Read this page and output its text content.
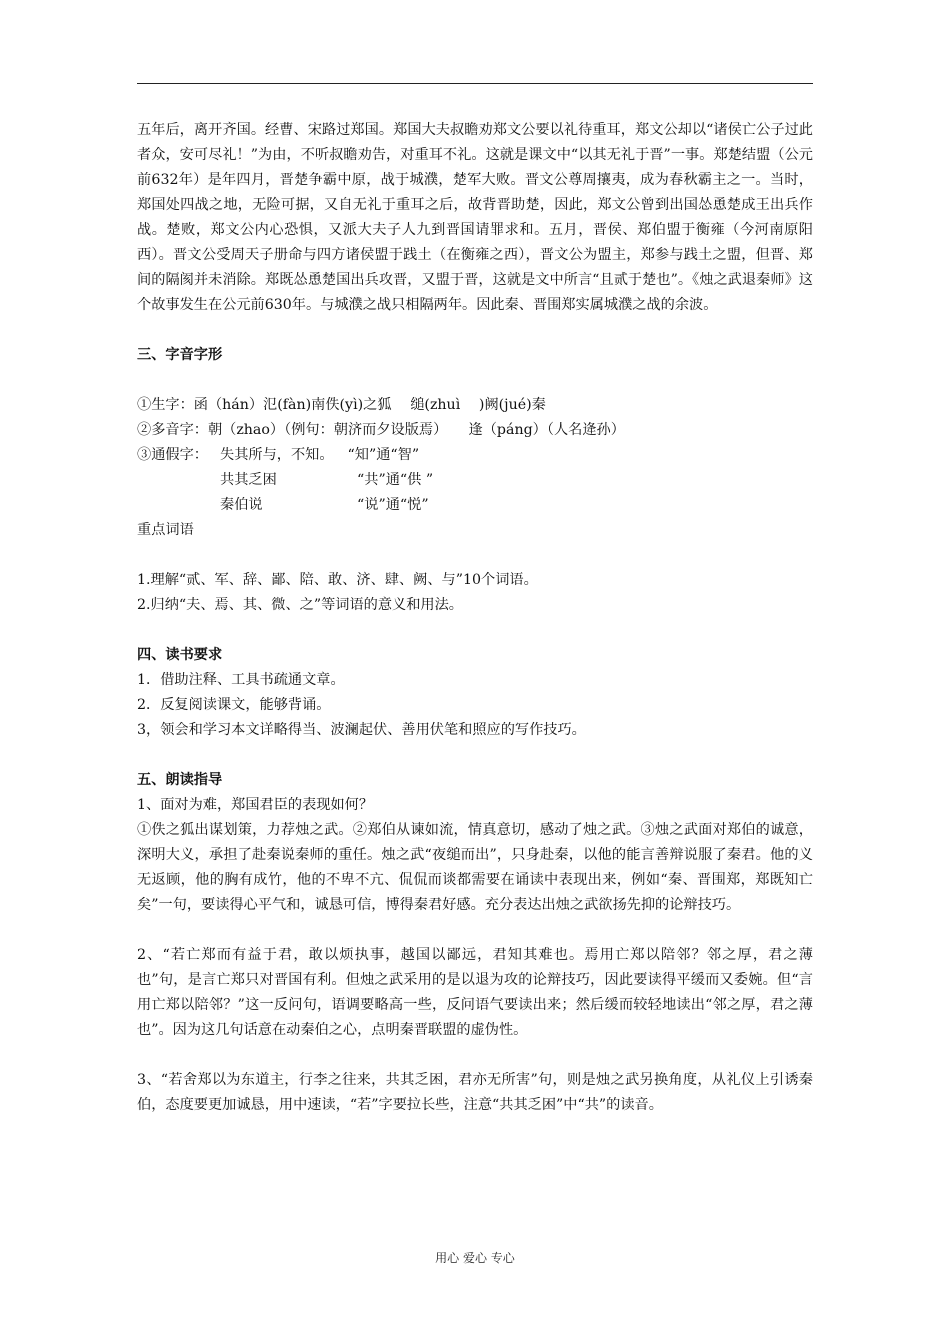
五年后，离开齐国。经曹、宋路过郑国。郑国大夫叔瞻劝郑文公要以礼待重耳，郑文公却以“诸侯亡公子过此者众，安可尽礼！”为由，不听叔瞻劝告，对重耳不礼。这就是课文中“以其无礼于晋”一事。郑楚结盟（公元前632年）是年四月，晋楚争霸中原，战于城濮，楚军大败。晋文公尊周攘夷，成为春秋霸主之一。当时，郑国处四战之地，无险可据，又自无礼于重耳之后，故背晋助楚，因此，郑文公曾到出国怂恿楚成王出兵作战。楚败，郑文公内心恐惧，又派大夫子人九到晋国请罪求和。五月，晋侯、郑伯盟于衡雍（今河南原阳西）。晋文公受周天子册命与四方诸侯盟于践土（在衡雍之西），晋文公为盟主，郑参与践土之盟，但晋、郑间的隔阂并未消除。郑既怂恿楚国出兵攻晋，又盟于晋，这就是文中所言“且贰于楚也”。《烛之武退秦师》这个故事发生在公元前630年。与城濮之战只相隔两年。因此秦、晋围郑实属城濮之战的余波。

三、字音字形

①生字：函（hán）氾(fàn)南佚(yì)之狐　 缒(zhuì　 )阙(jué)秦

②多音字：朝（zhao）（例句：朝济而夕设版焉）　　逢（páng）（人名逄孙）

③通假字： 失其所与，不知。 “知”通“智”
共其乏困	“共”通“供 ”
秦伯说	“说”通“悦”

重点词语

1.理解“贰、军、辞、鄙、陪、敢、济、肆、阙、与”10个词语。

2.归纳“夫、焉、其、微、之”等词语的意义和用法。

四、读书要求

1．借助注释、工具书疏通文章。

2．反复阅读课文，能够背诵。

3，领会和学习本文详略得当、波澜起伏、善用伏笔和照应的写作技巧。

五、朗读指导

1、面对为难，郑国君臣的表现如何？

①佚之狐出谋划策，力荐烛之武。②郑伯从谏如流，情真意切，感动了烛之武。③烛之武面对郑伯的诚意，深明大义，承担了赴秦说秦师的重任。烛之武“夜缒而出”，只身赴秦，以他的能言善辩说服了秦君。他的义无返顾，他的胸有成竹，他的不卑不亢、侃侃而谈都需要在诵读中表现出来，例如“秦、晋围郑，郑既知亡矣”一句，要读得心平气和，诚恳可信，博得秦君好感。充分表达出烛之武欲扬先抑的论辩技巧。

2、“若亡郑而有益于君，敢以烦执事，越国以鄙远，君知其难也。焉用亡郑以陪邻？邻之厚，君之薄也”句，是言亡郑只对晋国有利。但烛之武采用的是以退为攻的论辩技巧，因此要读得平缓而又委婉。但“言用亡郑以陪邻？”这一反问句，语调要略高一些，反问语气要读出来；然后缓而较轻地读出“邻之厚，君之薄也”。因为这几句话意在动秦伯之心，点明秦晋联盟的虚伪性。

3、“若舍郑以为东道主，行李之往来，共其乏困，君亦无所害”句，则是烛之武另换角度，从礼仪上引诱秦伯，态度要更加诚恳，用中速读，“若”字要拉长些，注意“共其乏困”中“共”的读音。

用心 爱心 专心
